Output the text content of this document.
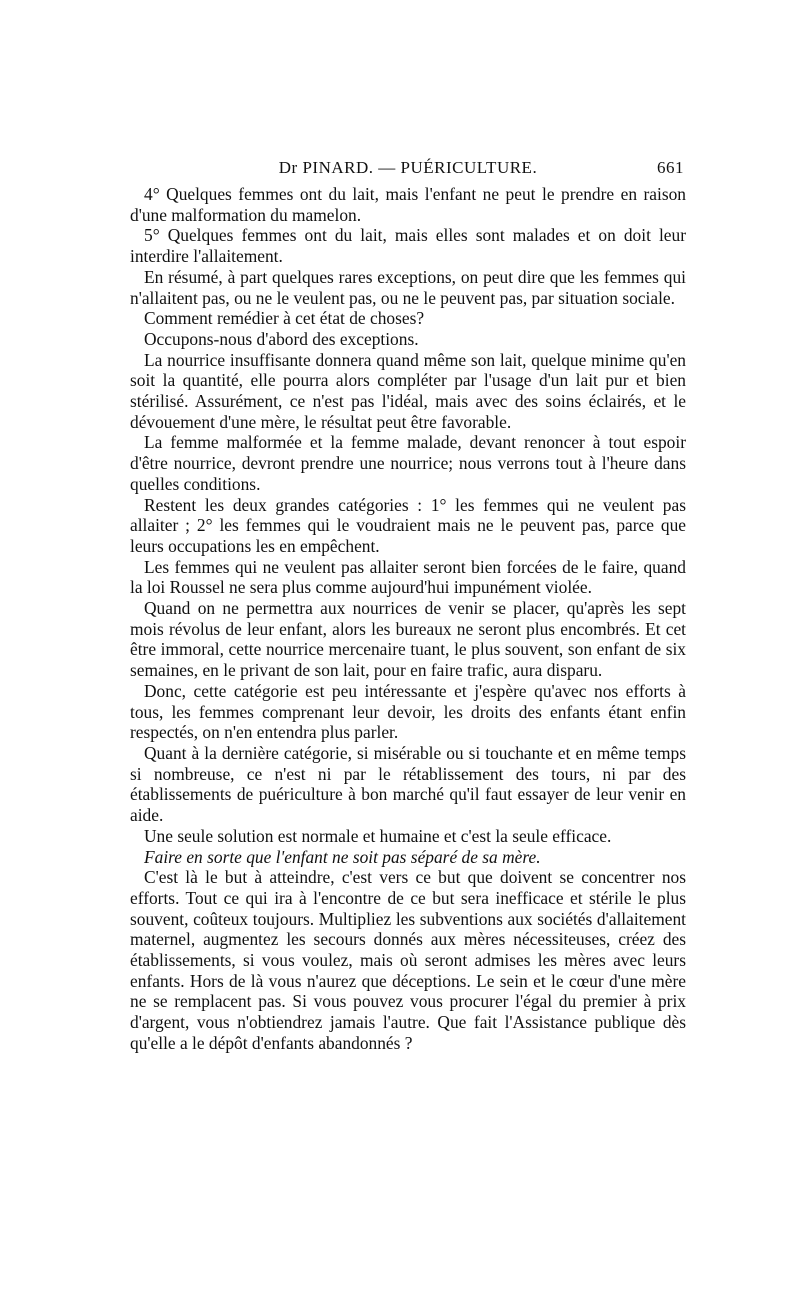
Dr PINARD. — PUÉRICULTURE.	661

4° Quelques femmes ont du lait, mais l'enfant ne peut le prendre en raison d'une malformation du mamelon.

5° Quelques femmes ont du lait, mais elles sont malades et on doit leur interdire l'allaitement.

En résumé, à part quelques rares exceptions, on peut dire que les femmes qui n'allaitent pas, ou ne le veulent pas, ou ne le peuvent pas, par situation sociale.

Comment remédier à cet état de choses?

Occupons-nous d'abord des exceptions.

La nourrice insuffisante donnera quand même son lait, quelque minime qu'en soit la quantité, elle pourra alors compléter par l'usage d'un lait pur et bien stérilisé. Assurément, ce n'est pas l'idéal, mais avec des soins éclairés, et le dévouement d'une mère, le résultat peut être favorable.

La femme malformée et la femme malade, devant renoncer à tout espoir d'être nourrice, devront prendre une nourrice; nous verrons tout à l'heure dans quelles conditions.

Restent les deux grandes catégories : 1° les femmes qui ne veulent pas allaiter ; 2° les femmes qui le voudraient mais ne le peuvent pas, parce que leurs occupations les en empêchent.

Les femmes qui ne veulent pas allaiter seront bien forcées de le faire, quand la loi Roussel ne sera plus comme aujourd'hui impunément violée.

Quand on ne permettra aux nourrices de venir se placer, qu'après les sept mois révolus de leur enfant, alors les bureaux ne seront plus encombrés. Et cet être immoral, cette nourrice mercenaire tuant, le plus souvent, son enfant de six semaines, en le privant de son lait, pour en faire trafic, aura disparu.

Donc, cette catégorie est peu intéressante et j'espère qu'avec nos efforts à tous, les femmes comprenant leur devoir, les droits des enfants étant enfin respectés, on n'en entendra plus parler.

Quant à la dernière catégorie, si misérable ou si touchante et en même temps si nombreuse, ce n'est ni par le rétablissement des tours, ni par des établissements de puériculture à bon marché qu'il faut essayer de leur venir en aide.

Une seule solution est normale et humaine et c'est la seule efficace.

Faire en sorte que l'enfant ne soit pas séparé de sa mère.

C'est là le but à atteindre, c'est vers ce but que doivent se concentrer nos efforts. Tout ce qui ira à l'encontre de ce but sera inefficace et stérile le plus souvent, coûteux toujours. Multipliez les subventions aux sociétés d'allaitement maternel, augmentez les secours donnés aux mères nécessiteuses, créez des établissements, si vous voulez, mais où seront admises les mères avec leurs enfants. Hors de là vous n'aurez que déceptions. Le sein et le cœur d'une mère ne se remplacent pas. Si vous pouvez vous procurer l'égal du premier à prix d'argent, vous n'obtiendrez jamais l'autre. Que fait l'Assistance publique dès qu'elle a le dépôt d'enfants abandonnés ?
